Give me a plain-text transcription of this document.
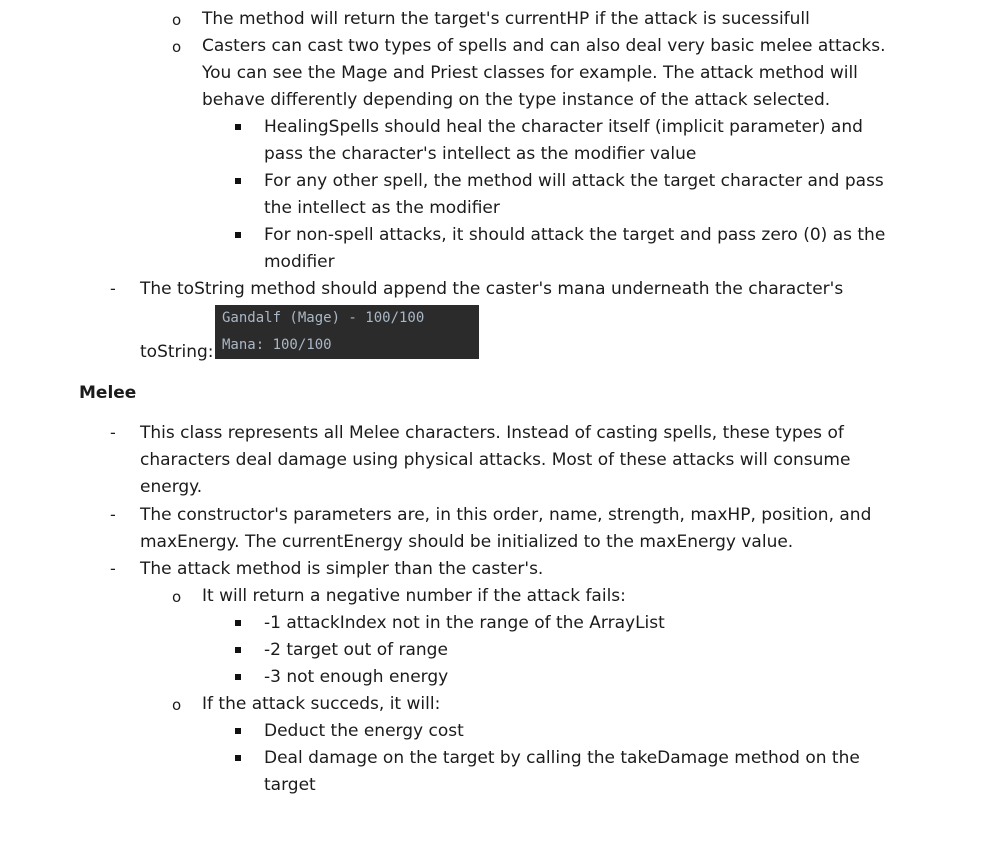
o The method will return the target's currentHP if the attack is sucessifull
o Casters can cast two types of spells and can also deal very basic melee attacks.
You can see the Mage and Priest classes for example. The attack method will
behave differently depending on the type instance of the attack selected.
HealingSpells should heal the character itself (implicit parameter) and
pass the character's intellect as the modifier value
For any other spell, the method will attack the target character and pass
the intellect as the modifier
For non-spell attacks, it should attack the target and pass zero (0) as the
modifier
- The toString method should append the caster's mana underneath the character's
toString:
Gandalf (Mage) - 100/100
Mana: 100/100
Melee
- This class represents all Melee characters. Instead of casting spells, these types of
characters deal damage using physical attacks. Most of these attacks will consume
energy.
- The constructor's parameters are, in this order, name, strength, maxHP, position, and
maxEnergy. The currentEnergy should be initialized to the maxEnergy value.
- The attack method is simpler than the caster's.
o It will return a negative number if the attack fails:
-1 attackIndex not in the range of the ArrayList
-2 target out of range
-3 not enough energy
o If the attack succeds, it will:
Deduct the energy cost
Deal damage on the target by calling the takeDamage method on the
target
